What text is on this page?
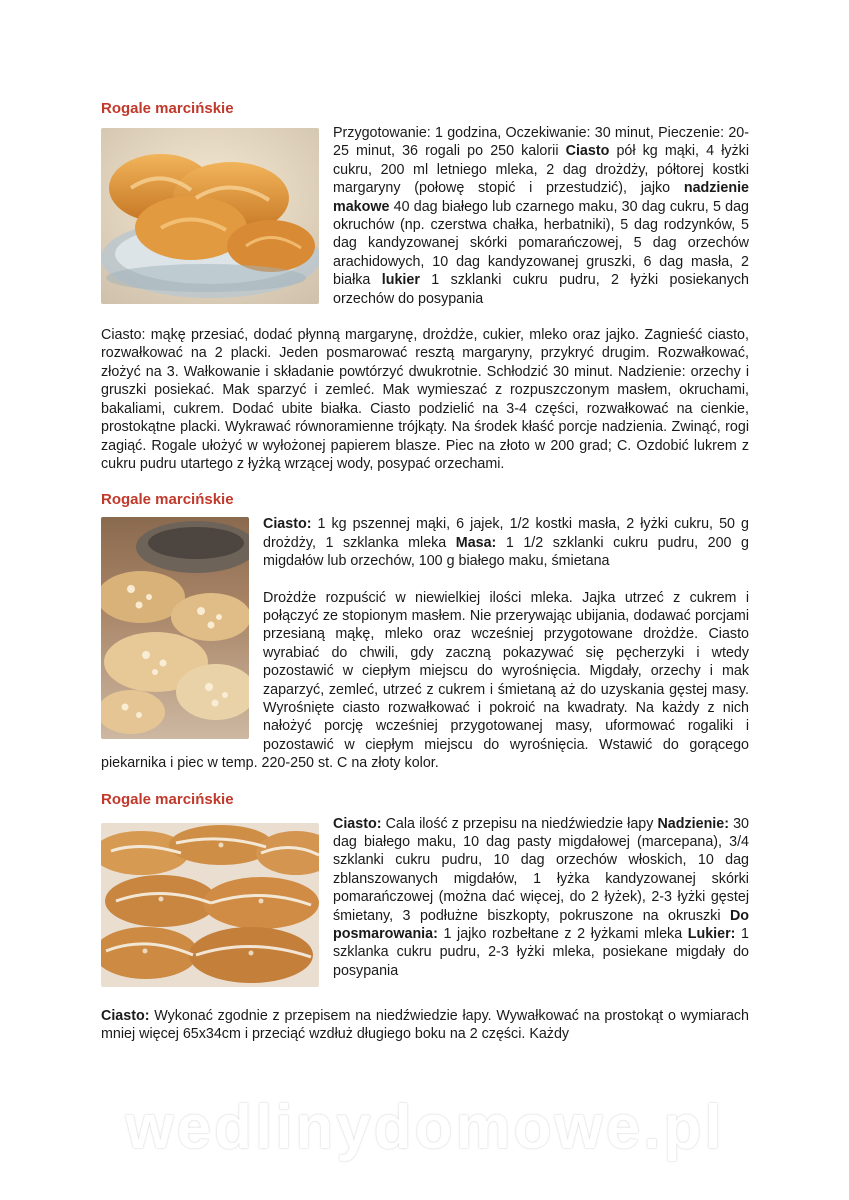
Rogale marcińskie

Przygotowanie: 1 godzina, Oczekiwanie: 30 minut, Pieczenie: 20-25 minut, 36 rogali po 250 kalorii Ciasto pół kg mąki, 4 łyżki cukru, 200 ml letniego mleka, 2 dag drożdży, półtorej kostki margaryny (połowę stopić i przestudzić), jajko nadzienie makowe 40 dag białego lub czarnego maku, 30 dag cukru, 5 dag okruchów (np. czerstwa chałka, herbatniki), 5 dag rodzynków, 5 dag kandyzowanej skórki pomarańczowej, 5 dag orzechów arachidowych, 10 dag kandyzowanej gruszki, 6 dag masła, 2 białka lukier 1 szklanki cukru pudru, 2 łyżki posiekanych orzechów do posypania

Ciasto: mąkę przesiać, dodać płynną margarynę, drożdże, cukier, mleko oraz jajko. Zagnieść ciasto, rozwałkować na 2 placki. Jeden posmarować resztą margaryny, przykryć drugim. Rozwałkować, złożyć na 3. Wałkowanie i składanie powtórzyć dwukrotnie. Schłodzić 30 minut. Nadzienie: orzechy i gruszki posiekać. Mak sparzyć i zemleć. Mak wymieszać z rozpuszczonym masłem, okruchami, bakaliami, cukrem. Dodać ubite białka. Ciasto podzielić na 3-4 części, rozwałkować na cienkie, prostokątne placki. Wykrawać równoramienne trójkąty. Na środek kłaść porcje nadzienia. Zwinąć, rogi zagiąć. Rogale ułożyć w wyłożonej papierem blasze. Piec na złoto w 200 grad; C. Ozdobić lukrem z cukru pudru utartego z łyżką wrzącej wody, posypać orzechami.

Rogale marcińskie

Ciasto: 1 kg pszennej mąki, 6 jajek, 1/2 kostki masła, 2 łyżki cukru, 50 g drożdży, 1 szklanka mleka Masa: 1 1/2 szklanki cukru pudru, 200 g migdałów lub orzechów, 100 g białego maku, śmietana

Drożdże rozpuścić w niewielkiej ilości mleka. Jajka utrzeć z cukrem i połączyć ze stopionym masłem. Nie przerywając ubijania, dodawać porcjami przesianą mąkę, mleko oraz wcześniej przygotowane drożdże. Ciasto wyrabiać do chwili, gdy zaczną pokazywać się pęcherzyki i wtedy pozostawić w ciepłym miejscu do wyrośnięcia. Migdały, orzechy i mak zaparzyć, zemleć, utrzeć z cukrem i śmietaną aż do uzyskania gęstej masy. Wyrośnięte ciasto rozwałkować i pokroić na kwadraty. Na każdy z nich nałożyć porcję wcześniej przygotowanej masy, uformować rogaliki i pozostawić w ciepłym miejscu do wyrośnięcia. Wstawić do gorącego piekarnika i piec w temp. 220-250 st. C na złoty kolor.

Rogale marcińskie

Ciasto: Cala ilość z przepisu na niedźwiedzie łapy Nadzienie: 30 dag białego maku, 10 dag pasty migdałowej (marcepana), 3/4 szklanki cukru pudru, 10 dag orzechów włoskich, 10 dag zblanszowanych migdałów, 1 łyżka kandyzowanej skórki pomarańczowej (można dać więcej, do 2 łyżek), 2-3 łyżki gęstej śmietany, 3 podłużne biszkopty, pokruszone na okruszki Do posmarowania: 1 jajko rozbełtane z 2 łyżkami mleka Lukier: 1 szklanka cukru pudru, 2-3 łyżki mleka, posiekane migdały do posypania

Ciasto: Wykonać zgodnie z przepisem na niedźwiedzie łapy. Wywałkować na prostokąt o wymiarach mniej więcej 65x34cm i przeciąć wzdłuż długiego boku na 2 części. Każdy

wedlinydomowe.pl
